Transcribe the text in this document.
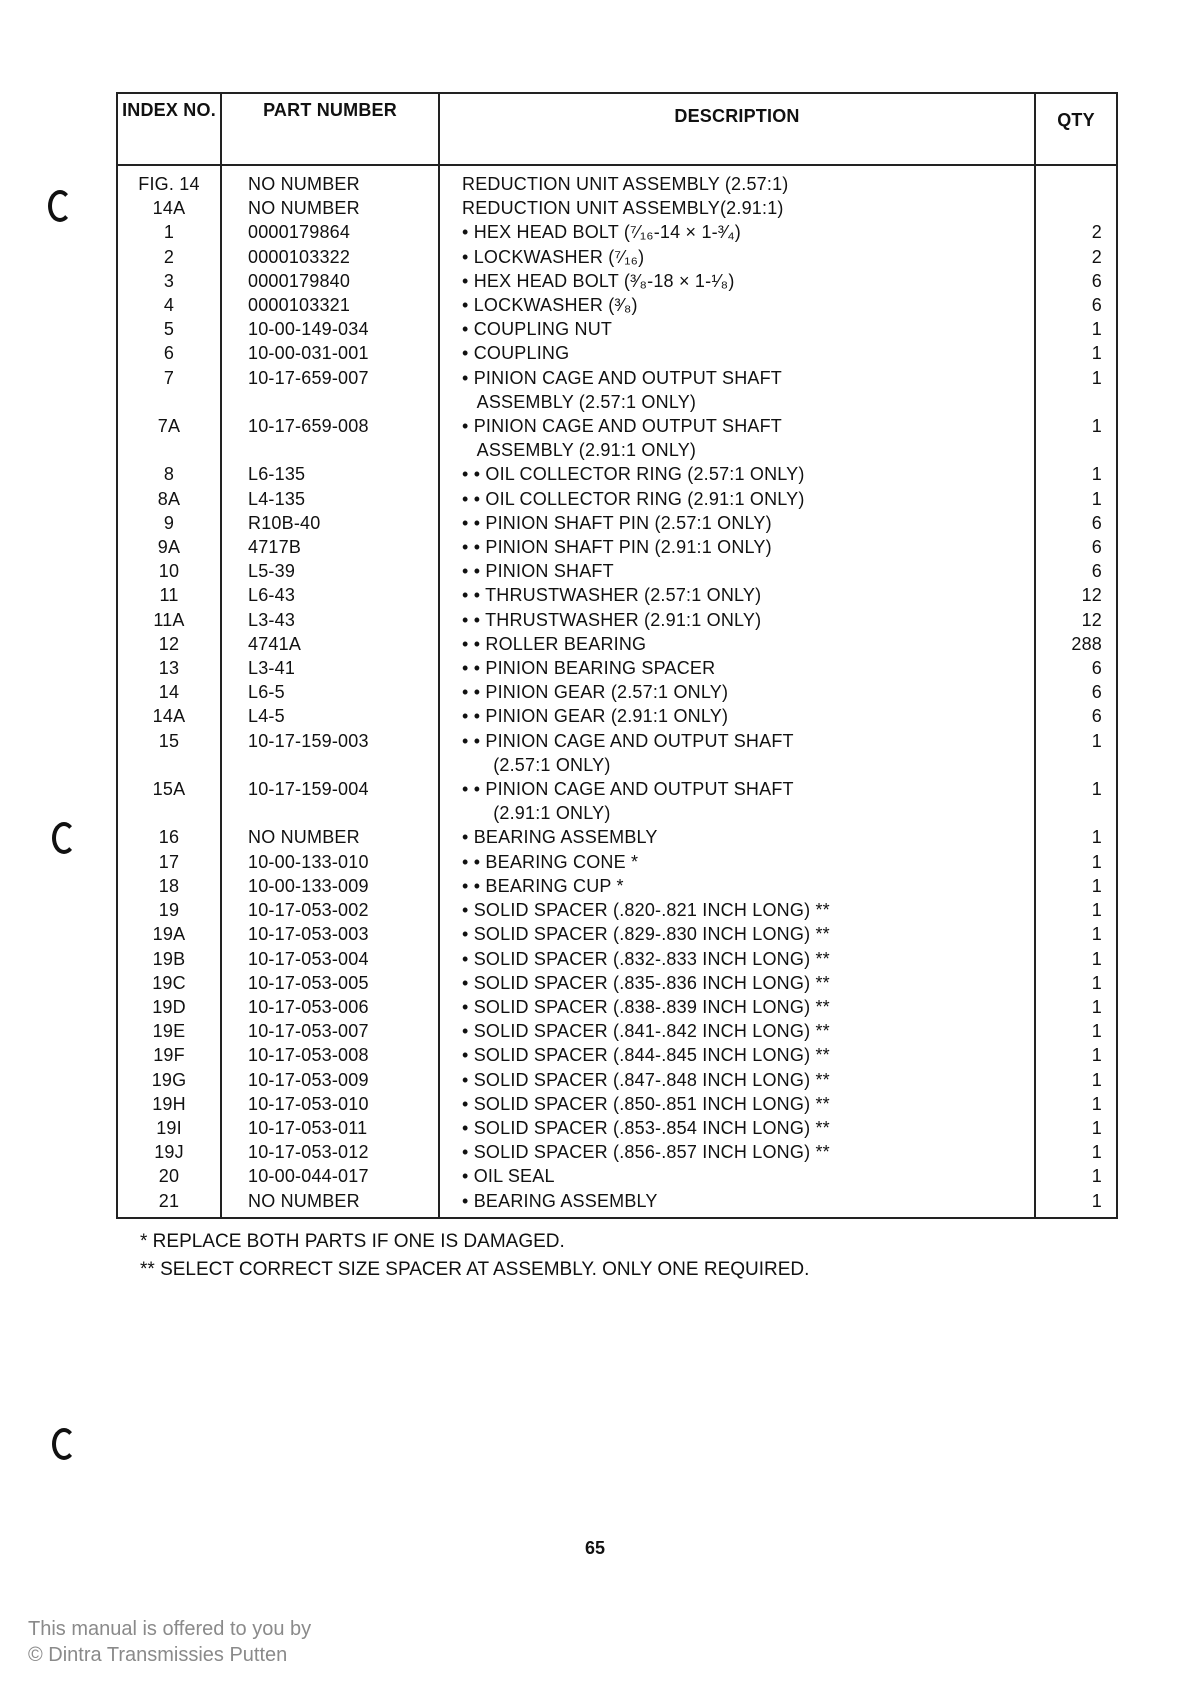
INDEX NO.	PART NUMBER	DESCRIPTION	QTY
FIG. 14	NO NUMBER	REDUCTION UNIT ASSEMBLY (2.57:1)	
14A	NO NUMBER	REDUCTION UNIT ASSEMBLY(2.91:1)	
1	0000179864	• HEX HEAD BOLT (⁷⁄₁₆-14 × 1-³⁄₄)	2
2	0000103322	• LOCKWASHER (⁷⁄₁₆)	2
3	0000179840	• HEX HEAD BOLT (³⁄₈-18 × 1-¹⁄₈)	6
4	0000103321	• LOCKWASHER (³⁄₈)	6
5	10-00-149-034	• COUPLING NUT	1
6	10-00-031-001	• COUPLING	1
7	10-17-659-007	• PINION CAGE AND OUTPUT SHAFT	1
		ASSEMBLY (2.57:1 ONLY)	
7A	10-17-659-008	• PINION CAGE AND OUTPUT SHAFT	1
		ASSEMBLY (2.91:1 ONLY)	
8	L6-135	• • OIL COLLECTOR RING (2.57:1 ONLY)	1
8A	L4-135	• • OIL COLLECTOR RING (2.91:1 ONLY)	1
9	R10B-40	• • PINION SHAFT PIN (2.57:1 ONLY)	6
9A	4717B	• • PINION SHAFT PIN (2.91:1 ONLY)	6
10	L5-39	• • PINION SHAFT	6
11	L6-43	• • THRUSTWASHER (2.57:1 ONLY)	12
11A	L3-43	• • THRUSTWASHER (2.91:1 ONLY)	12
12	4741A	• • ROLLER BEARING	288
13	L3-41	• • PINION BEARING SPACER	6
14	L6-5	• • PINION GEAR (2.57:1 ONLY)	6
14A	L4-5	• • PINION GEAR (2.91:1 ONLY)	6
15	10-17-159-003	• • PINION CAGE AND OUTPUT SHAFT	1
		(2.57:1 ONLY)	
15A	10-17-159-004	• • PINION CAGE AND OUTPUT SHAFT	1
		(2.91:1 ONLY)	
16	NO NUMBER	• BEARING ASSEMBLY	1
17	10-00-133-010	• • BEARING CONE *	1
18	10-00-133-009	• • BEARING CUP *	1
19	10-17-053-002	• SOLID SPACER (.820-.821 INCH LONG) **	1
19A	10-17-053-003	• SOLID SPACER (.829-.830 INCH LONG) **	1
19B	10-17-053-004	• SOLID SPACER (.832-.833 INCH LONG) **	1
19C	10-17-053-005	• SOLID SPACER (.835-.836 INCH LONG) **	1
19D	10-17-053-006	• SOLID SPACER (.838-.839 INCH LONG) **	1
19E	10-17-053-007	• SOLID SPACER (.841-.842 INCH LONG) **	1
19F	10-17-053-008	• SOLID SPACER (.844-.845 INCH LONG) **	1
19G	10-17-053-009	• SOLID SPACER (.847-.848 INCH LONG) **	1
19H	10-17-053-010	• SOLID SPACER (.850-.851 INCH LONG) **	1
19I	10-17-053-011	• SOLID SPACER (.853-.854 INCH LONG) **	1
19J	10-17-053-012	• SOLID SPACER (.856-.857 INCH LONG) **	1
20	10-00-044-017	• OIL SEAL	1
21	NO NUMBER	• BEARING ASSEMBLY	1
* REPLACE BOTH PARTS IF ONE IS DAMAGED.
** SELECT CORRECT SIZE SPACER AT ASSEMBLY. ONLY ONE REQUIRED.
65
This manual is offered to you by
© Dintra Transmissies Putten
